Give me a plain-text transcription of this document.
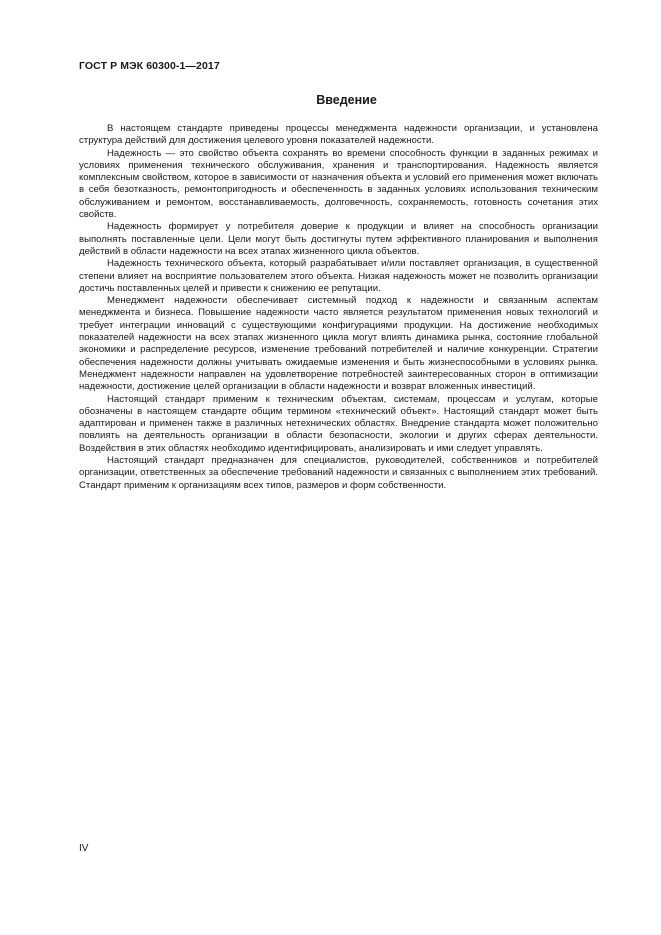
ГОСТ Р МЭК 60300-1—2017
Введение

В настоящем стандарте приведены процессы менеджмента надежности организации, и установлена структура действий для достижения целевого уровня показателей надежности.

Надежность — это свойство объекта сохранять во времени способность функции в заданных режимах и условиях применения технического обслуживания, хранения и транспортирования. Надежность является комплексным свойством, которое в зависимости от назначения объекта и условий его применения может включать в себя безотказность, ремонтопригодность и обеспеченность в заданных условиях использования техническим обслуживанием и ремонтом, восстанавливаемость, долговечность, сохраняемость, готовность сочетания этих свойств.

Надежность формирует у потребителя доверие к продукции и влияет на способность организации выполнять поставленные цели. Цели могут быть достигнуты путем эффективного планирования и выполнения действий в области надежности на всех этапах жизненного цикла объектов.

Надежность технического объекта, который разрабатывает и/или поставляет организация, в существенной степени влияет на восприятие пользователем этого объекта. Низкая надежность может не позволить организации достичь поставленных целей и привести к снижению ее репутации.

Менеджмент надежности обеспечивает системный подход к надежности и связанным аспектам менеджмента и бизнеса. Повышение надежности часто является результатом применения новых технологий и требует интеграции инноваций с существующими конфигурациями продукции. На достижение необходимых показателей надежности на всех этапах жизненного цикла могут влиять динамика рынка, состояние глобальной экономики и распределение ресурсов, изменение требований потребителей и наличие конкуренции. Стратегии обеспечения надежности должны учитывать ожидаемые изменения и быть жизнеспособными в условиях рынка. Менеджмент надежности направлен на удовлетворение потребностей заинтересованных сторон в оптимизации надежности, достижение целей организации в области надежности и возврат вложенных инвестиций.

Настоящий стандарт применим к техническим объектам, системам, процессам и услугам, которые обозначены в настоящем стандарте общим термином «технический объект». Настоящий стандарт может быть адаптирован и применен также в различных нетехнических областях. Внедрение стандарта может положительно повлиять на деятельность организации в области безопасности, экологии и других сферах деятельности. Воздействия в этих областях необходимо идентифицировать, анализировать и ими следует управлять.

Настоящий стандарт предназначен для специалистов, руководителей, собственников и потребителей организации, ответственных за обеспечение требований надежности и связанных с выполнением этих требований. Стандарт применим к организациям всех типов, размеров и форм собственности.

IV
